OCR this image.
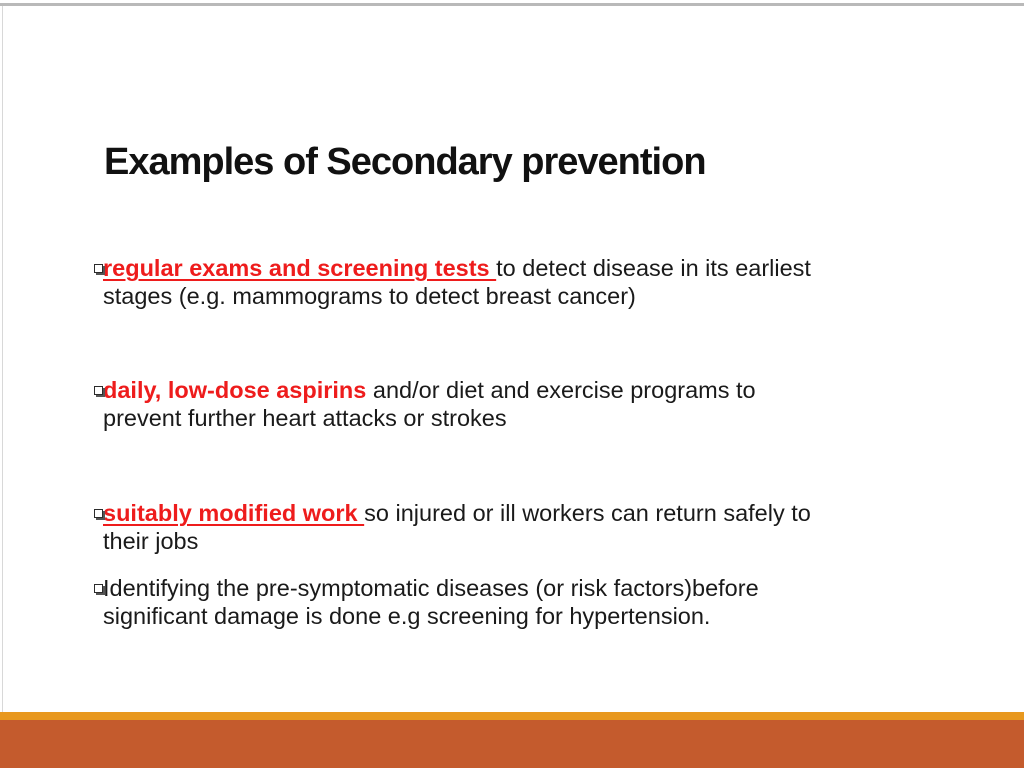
Examples of Secondary prevention
regular exams and screening tests to detect disease in its earliest
stages (e.g. mammograms to detect breast cancer)
daily, low-dose aspirins and/or diet and exercise programs to
prevent further heart attacks or strokes
suitably modified work so injured or ill workers can return safely to
their jobs
Identifying the pre-symptomatic diseases (or risk factors)before
significant damage is done e.g screening for hypertension.
